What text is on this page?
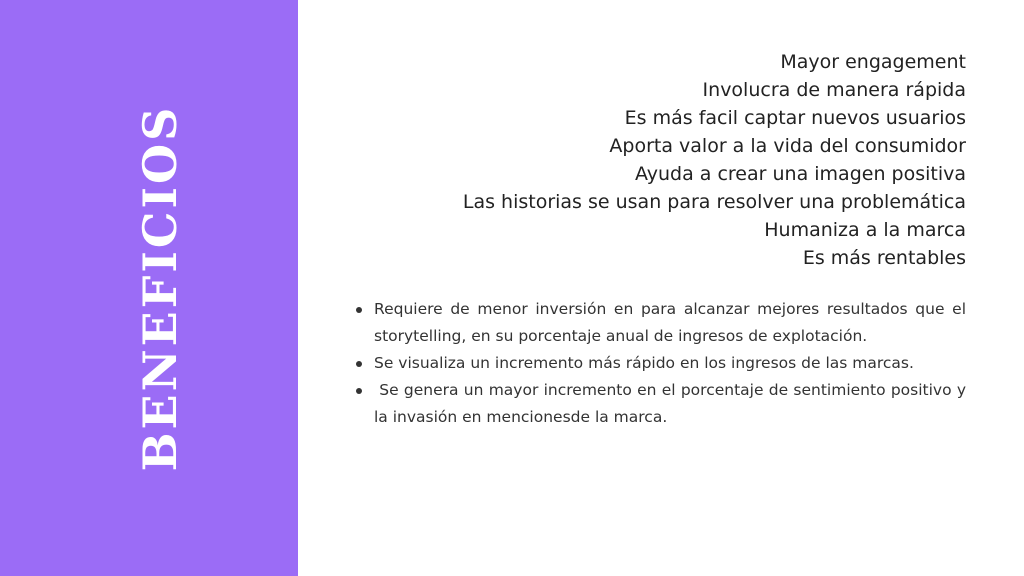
BENEFICIOS
Mayor engagement
Involucra de manera rápida
Es más facil captar nuevos usuarios
Aporta valor a la vida del consumidor
Ayuda a crear una imagen positiva
Las historias se usan para resolver una problemática
Humaniza a la marca
Es más rentables
Requiere de menor inversión en para alcanzar mejores resultados que el storytelling, en su porcentaje anual de ingresos de explotación.
Se visualiza un incremento más rápido en los ingresos de las marcas.
Se genera un mayor incremento en el porcentaje de sentimiento positivo y la invasión en mencionesde la marca.
